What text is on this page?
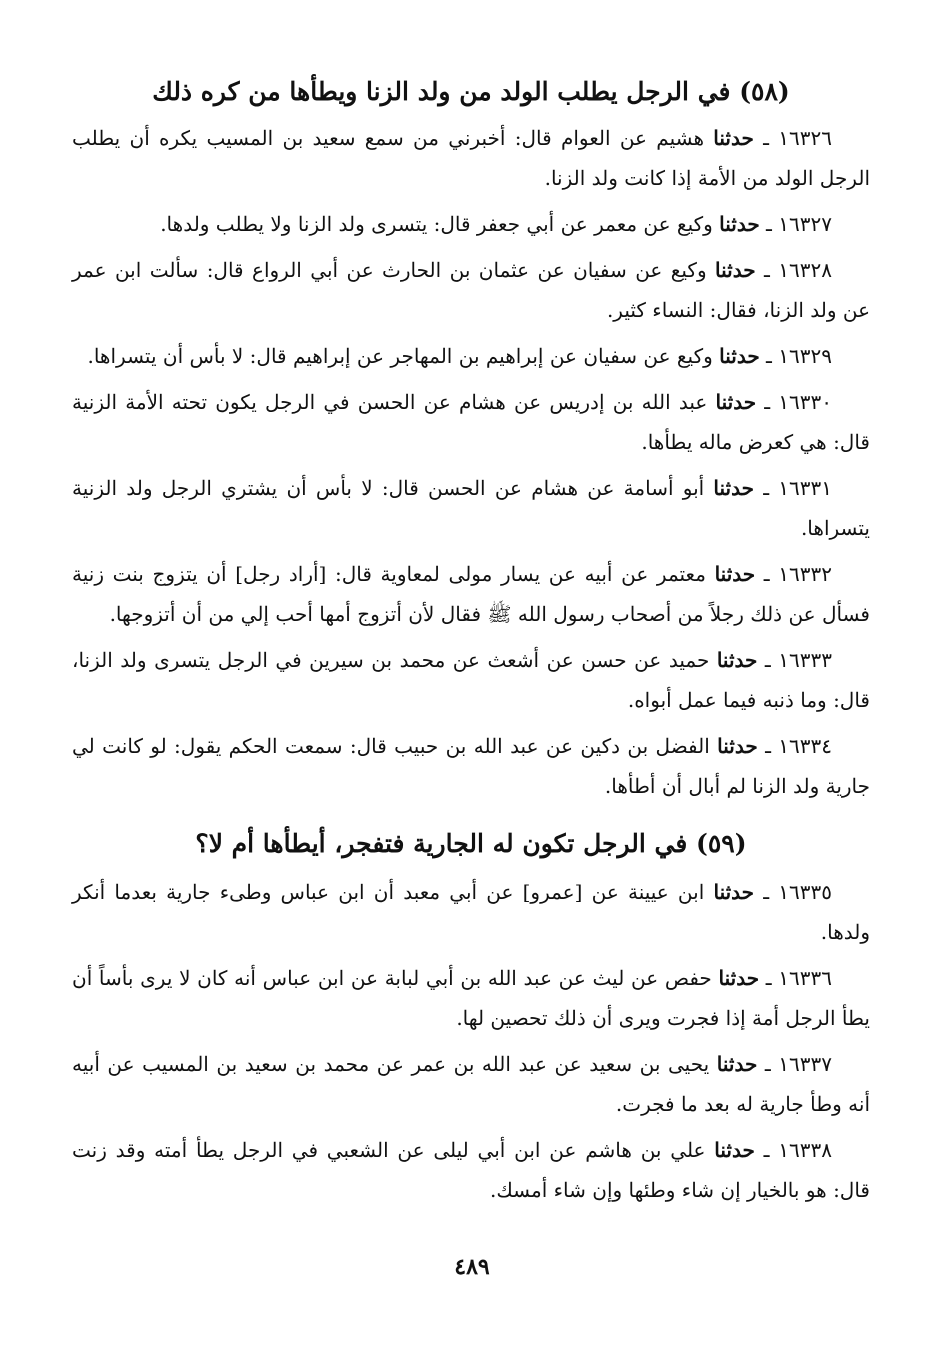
(٥٨) في الرجل يطلب الولد من ولد الزنا ويطأها من كره ذلك

١٦٣٢٦ ـ حدثنا هشيم عن العوام قال: أخبرني من سمع سعيد بن المسيب يكره أن يطلب الرجل الولد من الأمة إذا كانت ولد الزنا.

١٦٣٢٧ ـ حدثنا وكيع عن معمر عن أبي جعفر قال: يتسرى ولد الزنا ولا يطلب ولدها.

١٦٣٢٨ ـ حدثنا وكيع عن سفيان عن عثمان بن الحارث عن أبي الرواع قال: سألت ابن عمر عن ولد الزنا، فقال: النساء كثير.

١٦٣٢٩ ـ حدثنا وكيع عن سفيان عن إبراهيم بن المهاجر عن إبراهيم قال: لا بأس أن يتسراها.

١٦٣٣٠ ـ حدثنا عبد الله بن إدريس عن هشام عن الحسن في الرجل يكون تحته الأمة الزنية قال: هي كعرض ماله يطأها.

١٦٣٣١ ـ حدثنا أبو أسامة عن هشام عن الحسن قال: لا بأس أن يشتري الرجل ولد الزنية يتسراها.

١٦٣٣٢ ـ حدثنا معتمر عن أبيه عن يسار مولى لمعاوية قال: [أراد رجل] أن يتزوج بنت زنية فسأل عن ذلك رجلاً من أصحاب رسول الله ﷺ فقال لأن أتزوج أمها أحب إلي من أن أتزوجها.

١٦٣٣٣ ـ حدثنا حميد عن حسن عن أشعث عن محمد بن سيرين في الرجل يتسرى ولد الزنا، قال: وما ذنبه فيما عمل أبواه.

١٦٣٣٤ ـ حدثنا الفضل بن دكين عن عبد الله بن حبيب قال: سمعت الحكم يقول: لو كانت لي جارية ولد الزنا لم أبال أن أطأها.

(٥٩) في الرجل تكون له الجارية فتفجر، أيطأها أم لا؟

١٦٣٣٥ ـ حدثنا ابن عيينة عن [عمرو] عن أبي معبد أن ابن عباس وطىء جارية بعدما أنكر ولدها.

١٦٣٣٦ ـ حدثنا حفص عن ليث عن عبد الله بن أبي لبابة عن ابن عباس أنه كان لا يرى بأساً أن يطأ الرجل أمة إذا فجرت ويرى أن ذلك تحصين لها.

١٦٣٣٧ ـ حدثنا يحيى بن سعيد عن عبد الله بن عمر عن محمد بن سعيد بن المسيب عن أبيه أنه وطأ جارية له بعد ما فجرت.

١٦٣٣٨ ـ حدثنا علي بن هاشم عن ابن أبي ليلى عن الشعبي في الرجل يطأ أمته وقد زنت قال: هو بالخيار إن شاء وطئها وإن شاء أمسك.

٤٨٩
